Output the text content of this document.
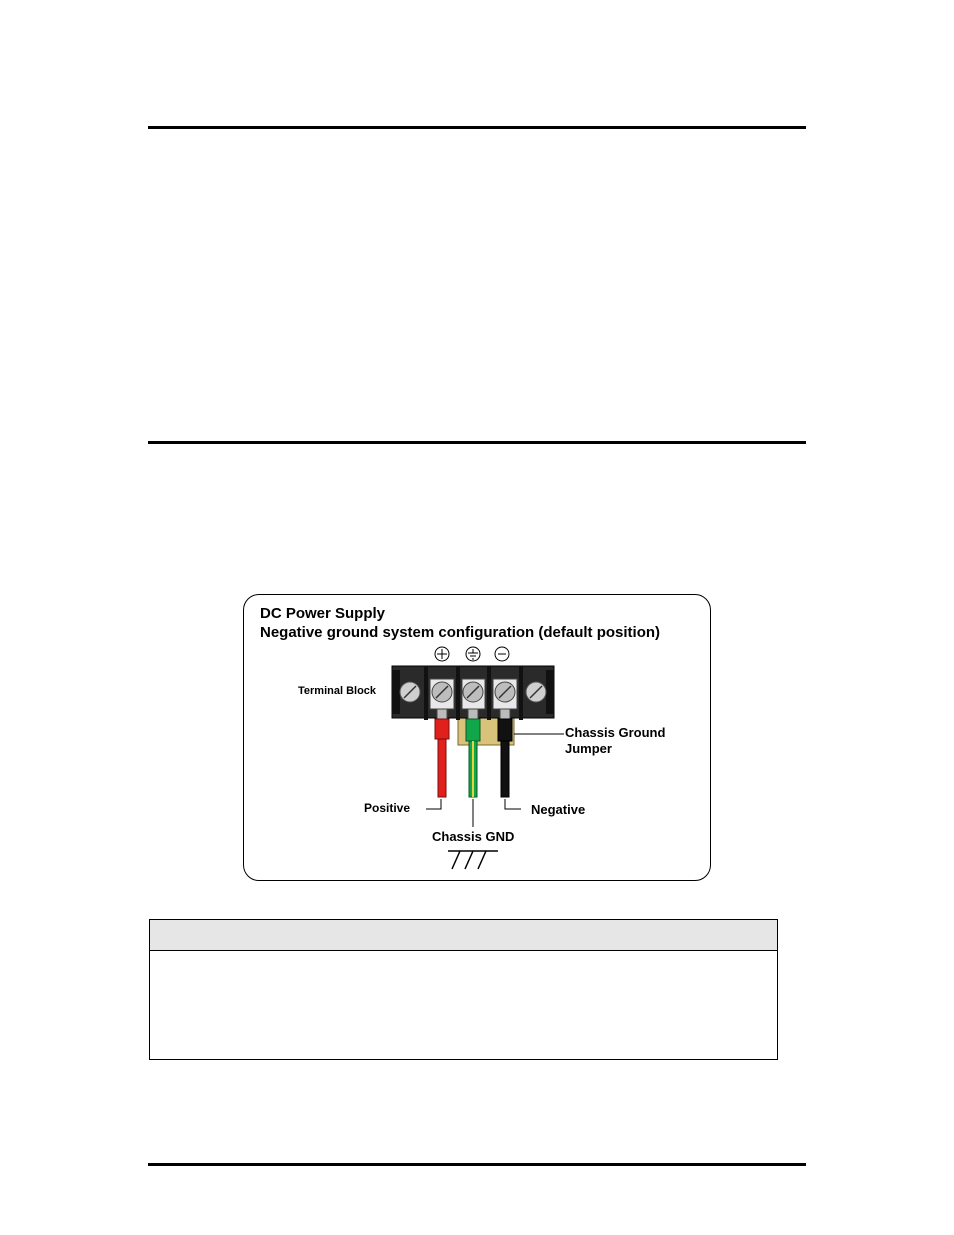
DC Power Supply
Negative ground system configuration (default position)
Terminal Block
Chassis Ground
Jumper
Positive	Negative
Chassis GND
